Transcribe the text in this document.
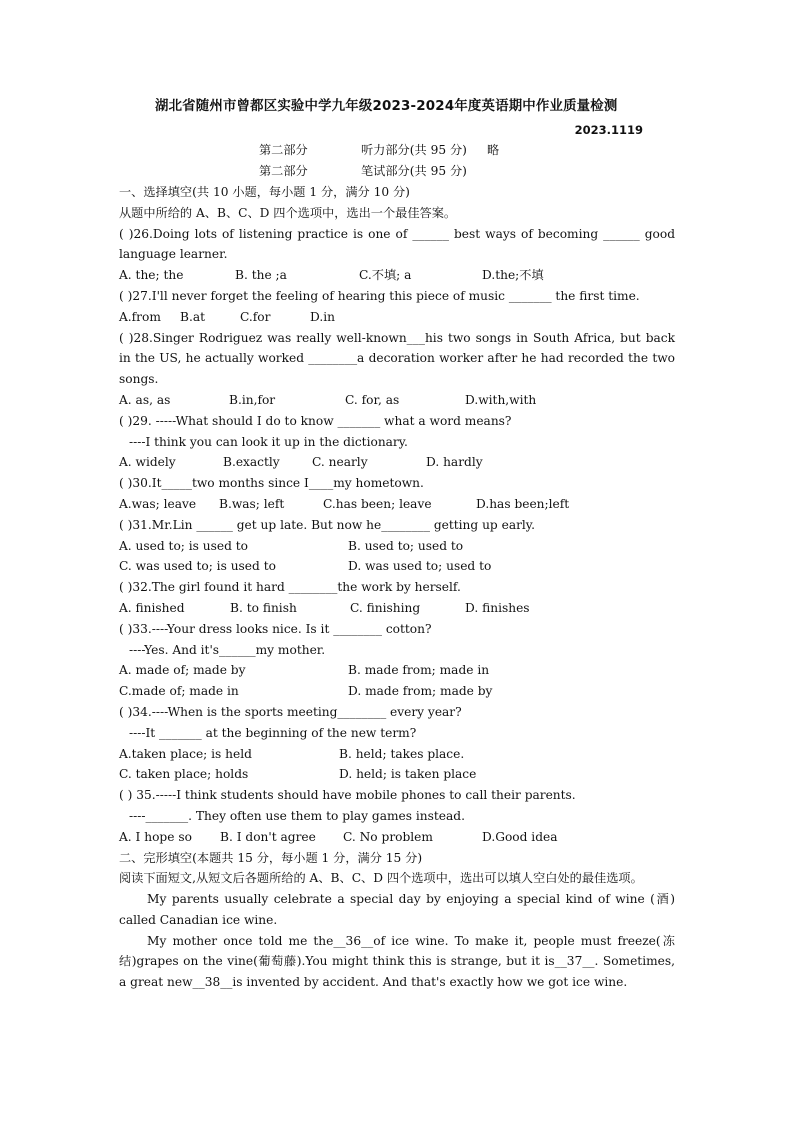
湖北省随州市曾都区实验中学九年级2023-2024年度英语期中作业质量检测
2023.1119
第二部分	听力部分(共 95 分) 略
第二部分	笔试部分(共 95 分)
一、选择填空(共 10 小题，每小题 1 分，满分 10 分)
从题中所给的 A、B、C、D 四个选项中，选出一个最佳答案。
( )26.Doing lots of listening practice is one of ______ best ways of becoming ______ good language learner.
A. the; the	B. the ;a	C.不填; a	D.the;不填
( )27.I'll never forget the feeling of hearing this piece of music _______ the first time.
A.from B.at	C.for	D.in
( )28.Singer Rodriguez was really well-known___his two songs in South Africa, but back in the US, he actually worked ________a decoration worker after he had recorded the two songs.
A. as, as	B.in,for	C. for, as	D.with,with
( )29. -----What should I do to know _______ what a word means?
----I think you can look it up in the dictionary.
A. widely	B.exactly	C. nearly	D. hardly
( )30.It_____two months since I____my hometown.
A.was; leave B.was; left	C.has been; leave	D.has been;left
( )31.Mr.Lin ______ get up late. But now he________ getting up early.
A. used to; is used to	B. used to; used to
C. was used to; is used to	D. was used to; used to
( )32.The girl found it hard ________the work by herself.
A. finished	B. to finish	C. finishing	D. finishes
( )33.----Your dress looks nice. Is it ________ cotton?
----Yes. And it's______my mother.
A. made of; made by	B. made from; made in
C.made of; made in	D. made from; made by
( )34.----When is the sports meeting________ every year?
----It _______ at the beginning of the new term?
A.taken place; is held	B. held; takes place.
C. taken place; holds	D. held; is taken place
( ) 35.-----I think students should have mobile phones to call their parents.
----_______. They often use them to play games instead.
A. I hope so B. I don't agree C. No problem	D.Good idea
二、完形填空(本题共 15 分，每小题 1 分，满分 15 分)
阅读下面短文,从短文后各题所给的 A、B、C、D 四个选项中，选出可以填人空白处的最佳选项。
My parents usually celebrate a special day by enjoying a special kind of wine (酒) called Canadian ice wine.
My mother once told me the__36__of ice wine. To make it, people must freeze(冻结)grapes on the vine(葡萄藤).You might think this is strange, but it is__37__. Sometimes, a great new__38__is invented by accident. And that's exactly how we got ice wine.
